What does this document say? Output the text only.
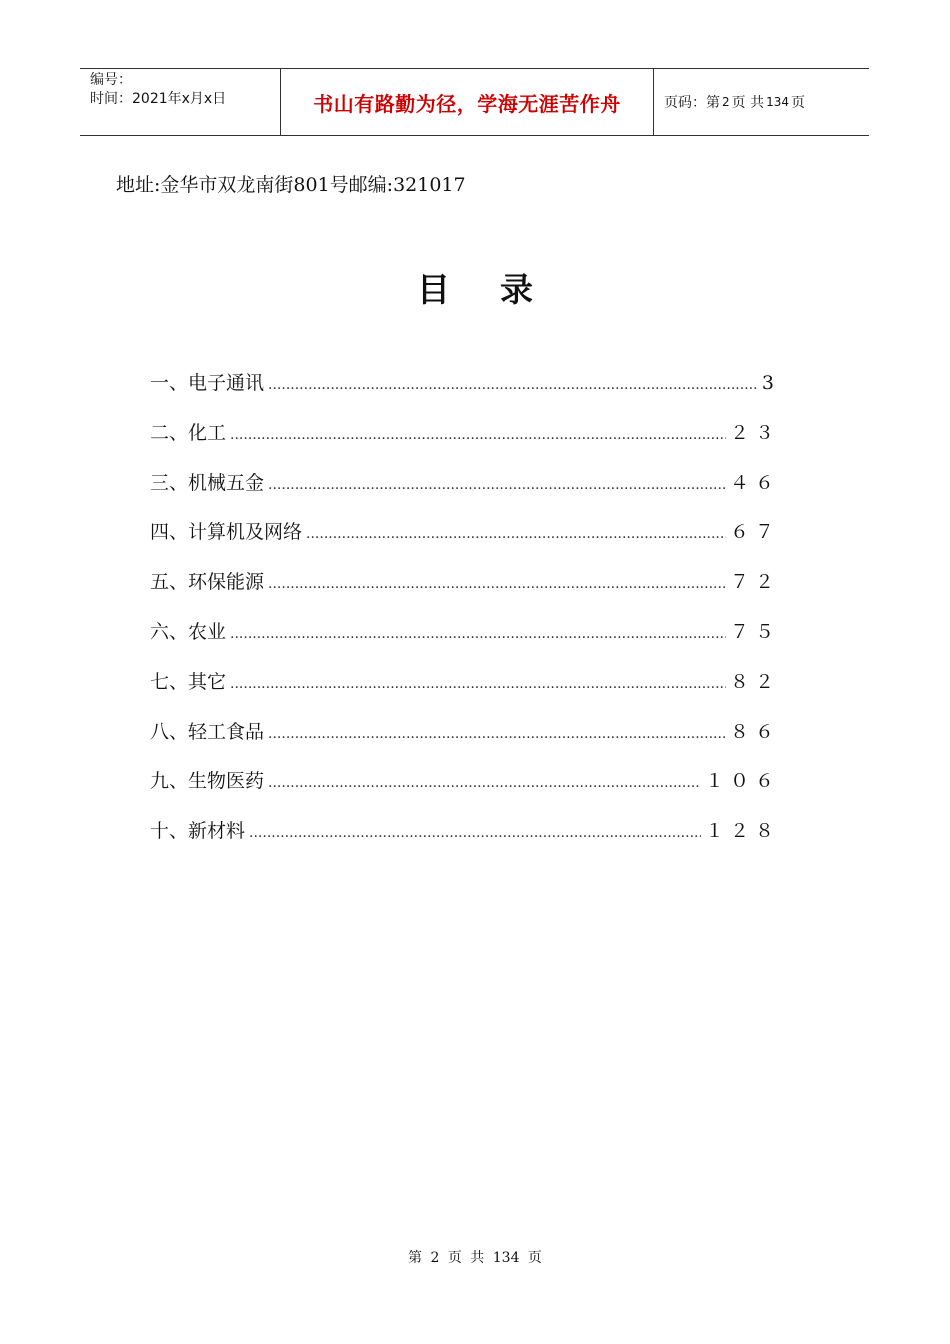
编号：
时间：2021年x月x日	书山有路勤为径，学海无涯苦作舟	页码：第 2 页 共 134 页
地址:金华市双龙南街801号邮编:321017
目录
一、电子通讯 .....	3
二、化工 .....	２３
三、机械五金 .....	４６
四、计算机及网络 .....	６７
五、环保能源 .....	７２
六、农业 .....	７５
七、其它 .....	８２
八、轻工食品 .....	８６
九、生物医药 .....	１０６
十、新材料 .....	１２８
第 2 页 共 134 页
